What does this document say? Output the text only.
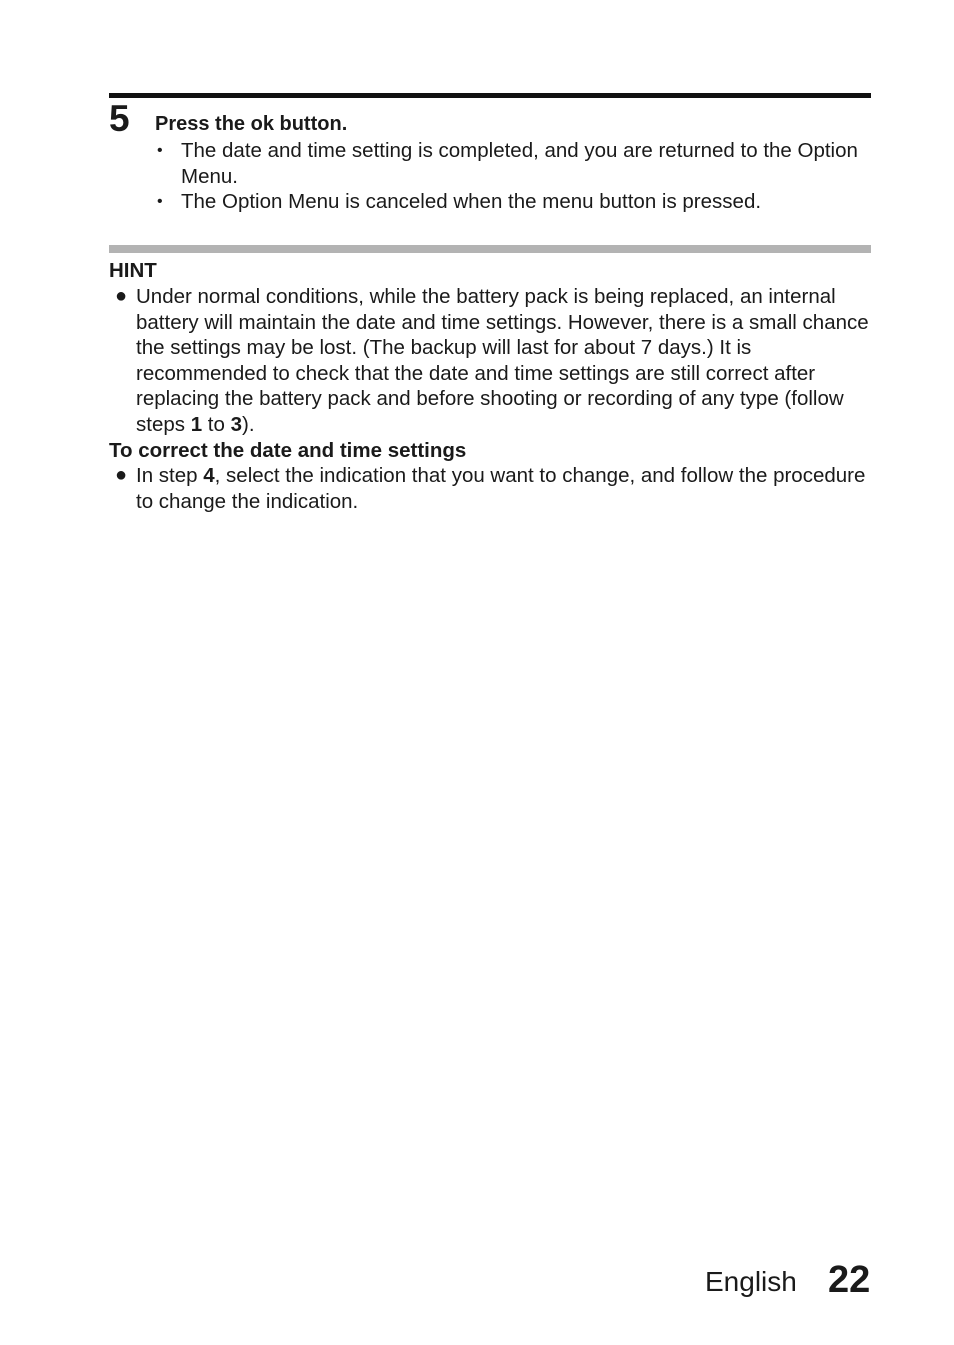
5 Press the ok button.
• The date and time setting is completed, and you are returned to the Option Menu.
• The Option Menu is canceled when the menu button is pressed.
HINT
● Under normal conditions, while the battery pack is being replaced, an internal battery will maintain the date and time settings. However, there is a small chance the settings may be lost. (The backup will last for about 7 days.) It is recommended to check that the date and time settings are still correct after replacing the battery pack and before shooting or recording of any type (follow steps 1 to 3).
To correct the date and time settings
● In step 4, select the indication that you want to change, and follow the procedure to change the indication.
English 22
